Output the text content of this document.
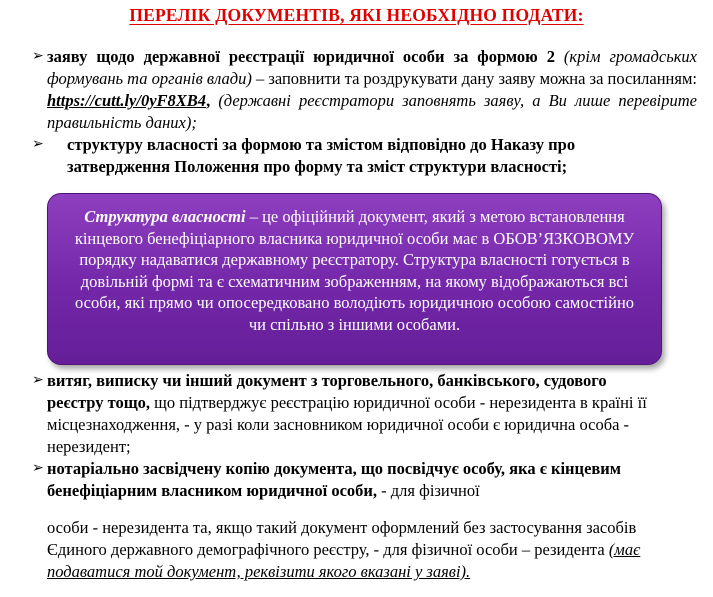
ПЕРЕЛІК ДОКУМЕНТІВ, ЯКІ НЕОБХІДНО ПОДАТИ:
➢ заяву щодо державної реєстрації юридичної особи за формою 2 (крім громадських формувань та органів влади) – заповнити та роздрукувати дану заяву можна за посиланням: https://cutt.ly/0yF8XB4, (державні реєстратори заповнять заяву, а Ви лише перевірите правильність даних);
➢ структуру власності за формою та змістом відповідно до Наказу про затвердження Положення про форму та зміст структури власності;
Структура власності – це офіційний документ, який з метою встановлення кінцевого бенефіціарного власника юридичної особи має в ОБОВ’ЯЗКОВОМУ порядку надаватися державному реєстратору. Структура власності готується в довільній формі та є схематичним зображенням, на якому відображаються всі особи, які прямо чи опосередковано володіють юридичною особою самостійно чи спільно з іншими особами.
➢ витяг, виписку чи інший документ з торговельного, банківського, судового реєстру тощо, що підтверджує реєстрацію юридичної особи - нерезидента в країні її місцезнаходження, - у разі коли засновником юридичної особи є юридична особа - нерезидент;
➢ нотаріально засвідчену копію документа, що посвідчує особу, яка є кінцевим бенефіціарним власником юридичної особи, - для фізичної
особи - нерезидента та, якщо такий документ оформлений без застосування засобів Єдиного державного демографічного реєстру, - для фізичної особи – резидента (має подаватися той документ, реквізити якого вказані у заяві).
